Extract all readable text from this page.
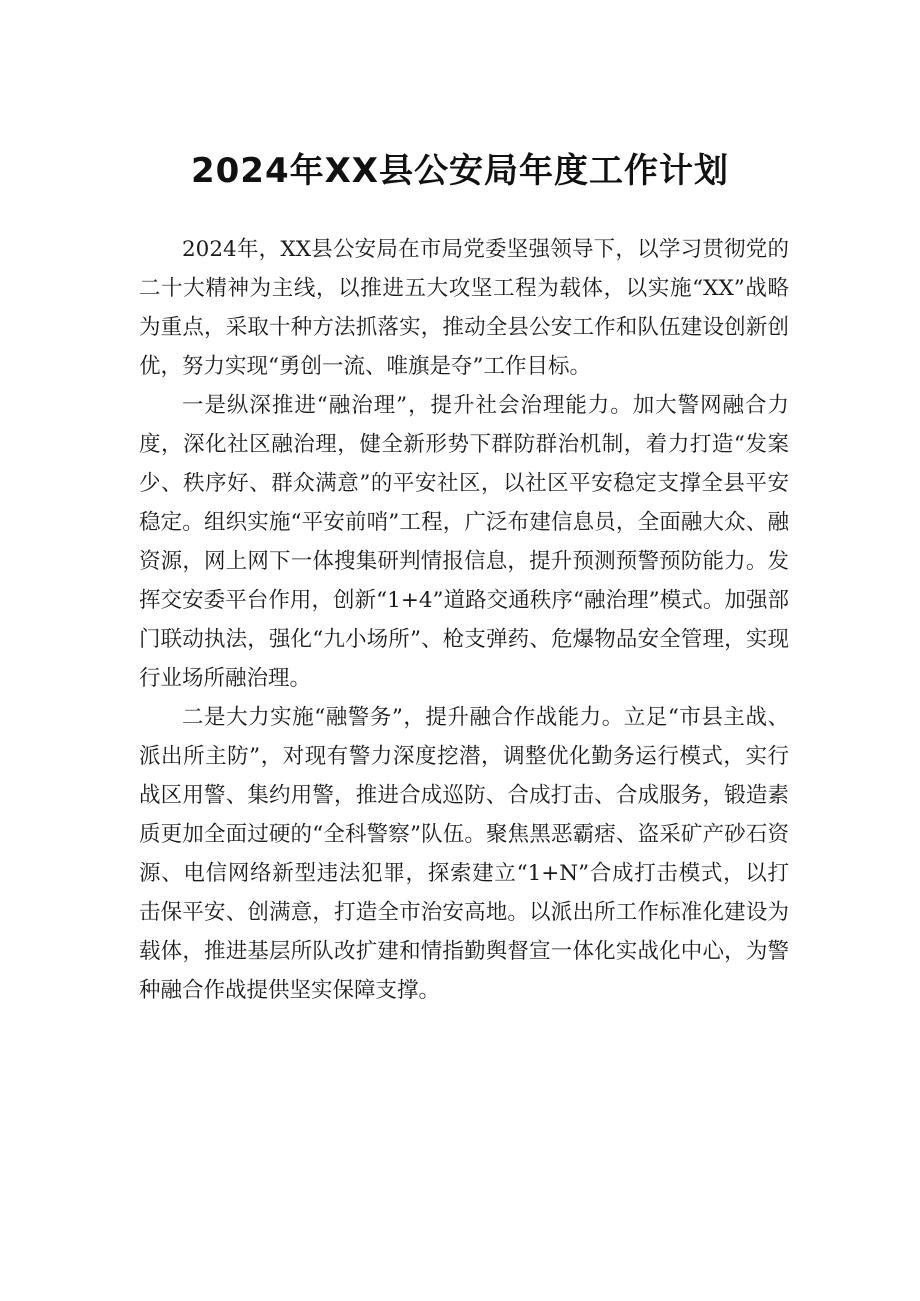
2024年XX县公安局年度工作计划

2024年，XX县公安局在市局党委坚强领导下，以学习贯彻党的二十大精神为主线，以推进五大攻坚工程为载体，以实施“XX”战略为重点，采取十种方法抓落实，推动全县公安工作和队伍建设创新创优，努力实现“勇创一流、唯旗是夺”工作目标。

一是纵深推进“融治理”，提升社会治理能力。加大警网融合力度，深化社区融治理，健全新形势下群防群治机制，着力打造“发案少、秩序好、群众满意”的平安社区，以社区平安稳定支撑全县平安稳定。组织实施“平安前哨”工程，广泛布建信息员，全面融大众、融资源，网上网下一体搜集研判情报信息，提升预测预警预防能力。发挥交安委平台作用，创新“1+4”道路交通秩序“融治理”模式。加强部门联动执法，强化“九小场所”、枪支弹药、危爆物品安全管理，实现行业场所融治理。

二是大力实施“融警务”，提升融合作战能力。立足“市县主战、派出所主防”，对现有警力深度挖潜，调整优化勤务运行模式，实行战区用警、集约用警，推进合成巡防、合成打击、合成服务，锻造素质更加全面过硬的“全科警察”队伍。聚焦黑恶霸痞、盗采矿产砂石资源、电信网络新型违法犯罪，探索建立“1+N”合成打击模式，以打击保平安、创满意，打造全市治安高地。以派出所工作标准化建设为载体，推进基层所队改扩建和情指勤舆督宣一体化实战化中心，为警种融合作战提供坚实保障支撑。
